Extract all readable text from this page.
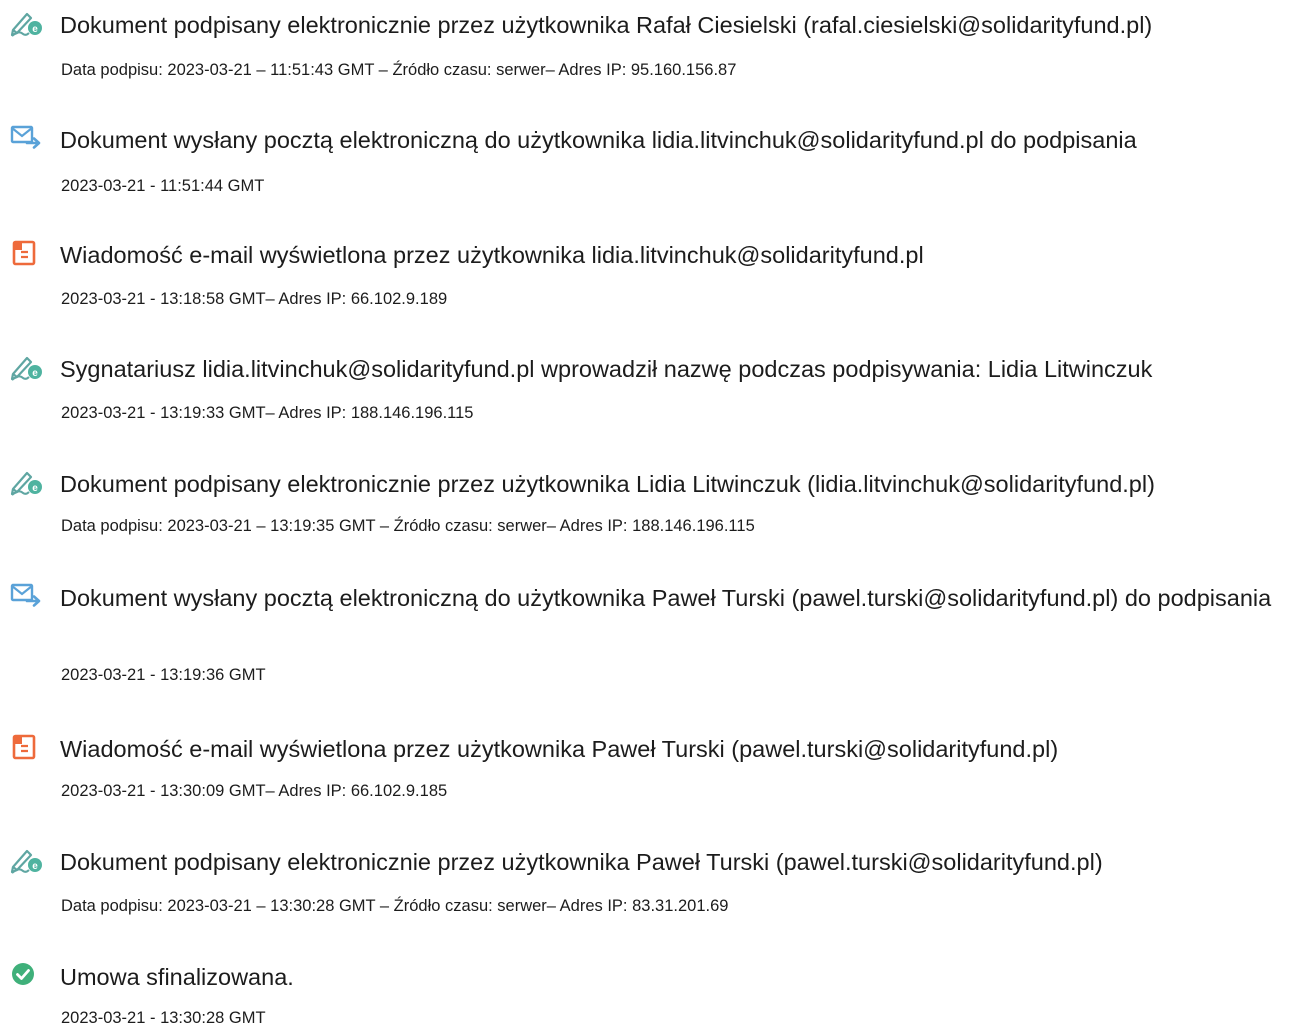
Dokument podpisany elektronicznie przez użytkownika Rafał Ciesielski (rafal.ciesielski@solidarityfund.pl)
Data podpisu: 2023-03-21 – 11:51:43 GMT – Źródło czasu: serwer– Adres IP: 95.160.156.87
Dokument wysłany pocztą elektroniczną do użytkownika lidia.litvinchuk@solidarityfund.pl do podpisania
2023-03-21 - 11:51:44 GMT
Wiadomość e-mail wyświetlona przez użytkownika lidia.litvinchuk@solidarityfund.pl
2023-03-21 - 13:18:58 GMT– Adres IP: 66.102.9.189
Sygnatariusz lidia.litvinchuk@solidarityfund.pl wprowadził nazwę podczas podpisywania: Lidia Litwinczuk
2023-03-21 - 13:19:33 GMT– Adres IP: 188.146.196.115
Dokument podpisany elektronicznie przez użytkownika Lidia Litwinczuk (lidia.litvinchuk@solidarityfund.pl)
Data podpisu: 2023-03-21 – 13:19:35 GMT – Źródło czasu: serwer– Adres IP: 188.146.196.115
Dokument wysłany pocztą elektroniczną do użytkownika Paweł Turski (pawel.turski@solidarityfund.pl) do podpisania
2023-03-21 - 13:19:36 GMT
Wiadomość e-mail wyświetlona przez użytkownika Paweł Turski (pawel.turski@solidarityfund.pl)
2023-03-21 - 13:30:09 GMT– Adres IP: 66.102.9.185
Dokument podpisany elektronicznie przez użytkownika Paweł Turski (pawel.turski@solidarityfund.pl)
Data podpisu: 2023-03-21 – 13:30:28 GMT – Źródło czasu: serwer– Adres IP: 83.31.201.69
Umowa sfinalizowana.
2023-03-21 - 13:30:28 GMT
